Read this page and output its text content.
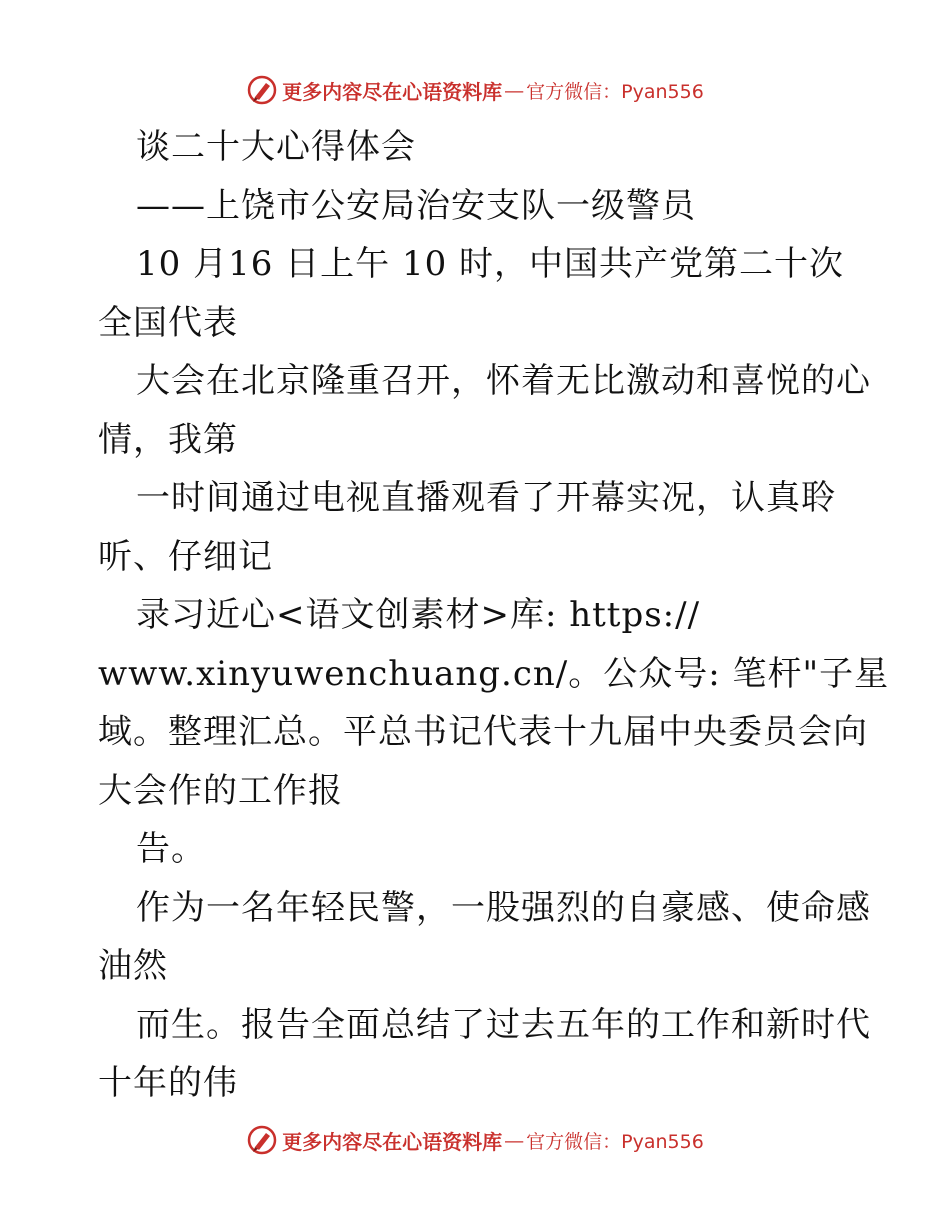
更多内容尽在心语资料库 — 官方微信：Pyan556
谈二十大心得体会
——上饶市公安局治安支队一级警员
10 月16 日上午 10 时，中国共产党第二十次
全国代表
大会在北京隆重召开，怀着无比激动和喜悦的心
情，我第
一时间通过电视直播观看了开幕实况，认真聆
听、仔细记
录习近心<语文创素材>库: https://
www.xinyuwenchuang.cn/。公众号: 笔杆"子星
域。整理汇总。平总书记代表十九届中央委员会向
大会作的工作报
告。
作为一名年轻民警，一股强烈的自豪感、使命感
油然
而生。报告全面总结了过去五年的工作和新时代
十年的伟
更多内容尽在心语资料库 — 官方微信：Pyan556
